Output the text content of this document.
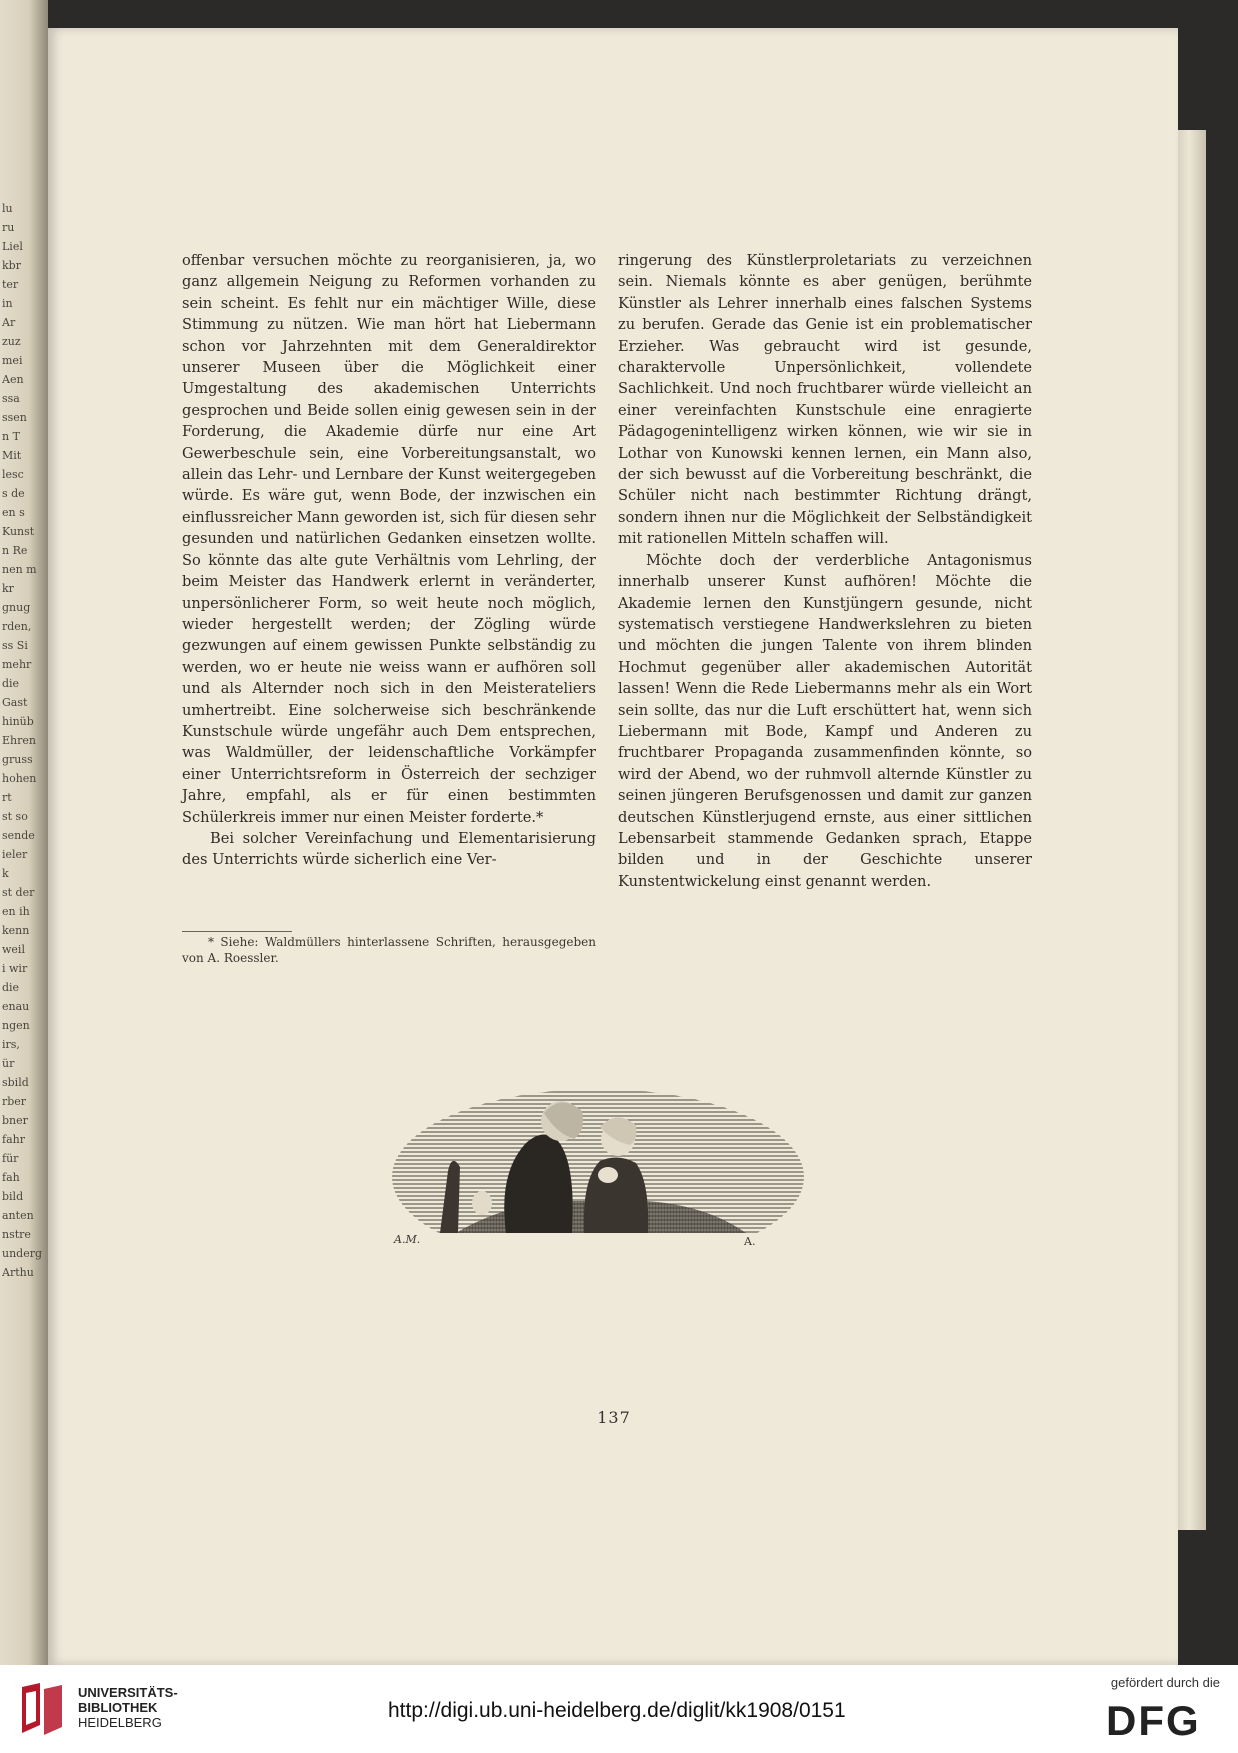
lu
ru
Liel
kbr
ter
in
Ar
zuz
mei
Aen
ssa
ssen
n T
Mit
lesc
s de
en s
Kunst
n Re
nen m
kr
gnug
rden,
ss Si
mehr
die
Gast
hinüb
Ehren
gruss
hohen
rt
st so
sende
ieler
k
st der
en ih
kenn
weil
i wir
die
enau
ngen
irs,
ür
sbild
rber
bner
fahr
für
fah
bild
anten
nstre
underg
Arthu

offenbar versuchen möchte zu reorganisieren, ja, wo ganz allgemein Neigung zu Reformen vorhanden zu sein scheint. Es fehlt nur ein mächtiger Wille, diese Stimmung zu nützen. Wie man hört hat Liebermann schon vor Jahrzehnten mit dem Generaldirektor unserer Museen über die Möglichkeit einer Umgestaltung des akademischen Unterrichts gesprochen und Beide sollen einig gewesen sein in der Forderung, die Akademie dürfe nur eine Art Gewerbeschule sein, eine Vorbereitungsanstalt, wo allein das Lehr- und Lernbare der Kunst weitergegeben würde. Es wäre gut, wenn Bode, der inzwischen ein einflussreicher Mann geworden ist, sich für diesen sehr gesunden und natürlichen Gedanken einsetzen wollte. So könnte das alte gute Verhältnis vom Lehrling, der beim Meister das Handwerk erlernt in veränderter, unpersönlicherer Form, so weit heute noch möglich, wieder hergestellt werden; der Zögling würde gezwungen auf einem gewissen Punkte selbständig zu werden, wo er heute nie weiss wann er aufhören soll und als Alternder noch sich in den Meisterateliers umhertreibt. Eine solcherweise sich beschränkende Kunstschule würde ungefähr auch Dem entsprechen, was Waldmüller, der leidenschaftliche Vorkämpfer einer Unterrichtsreform in Österreich der sechziger Jahre, empfahl, als er für einen bestimmten Schülerkreis immer nur einen Meister forderte.*

Bei solcher Vereinfachung und Elementarisierung des Unterrichts würde sicherlich eine Ver-

ringerung des Künstlerproletariats zu verzeichnen sein. Niemals könnte es aber genügen, berühmte Künstler als Lehrer innerhalb eines falschen Systems zu berufen. Gerade das Genie ist ein problematischer Erzieher. Was gebraucht wird ist gesunde, charaktervolle Unpersönlichkeit, vollendete Sachlichkeit. Und noch fruchtbarer würde vielleicht an einer vereinfachten Kunstschule eine enragierte Pädagogenintelligenz wirken können, wie wir sie in Lothar von Kunowski kennen lernen, ein Mann also, der sich bewusst auf die Vorbereitung beschränkt, die Schüler nicht nach bestimmter Richtung drängt, sondern ihnen nur die Möglichkeit der Selbständigkeit mit rationellen Mitteln schaffen will.

Möchte doch der verderbliche Antagonismus innerhalb unserer Kunst aufhören! Möchte die Akademie lernen den Kunstjüngern gesunde, nicht systematisch verstiegene Handwerkslehren zu bieten und möchten die jungen Talente von ihrem blinden Hochmut gegenüber aller akademischen Autorität lassen! Wenn die Rede Liebermanns mehr als ein Wort sein sollte, das nur die Luft erschüttert hat, wenn sich Liebermann mit Bode, Kampf und Anderen zu fruchtbarer Propaganda zusammenfinden könnte, so wird der Abend, wo der ruhmvoll alternde Künstler zu seinen jüngeren Berufsgenossen und damit zur ganzen deutschen Künstlerjugend ernste, aus einer sittlichen Lebensarbeit stammende Gedanken sprach, Etappe bilden und in der Geschichte unserer Kunstentwickelung einst genannt werden.

* Siehe: Waldmüllers hinterlassene Schriften, herausgegeben von A. Roessler.
A.M.	A.
137
UNIVERSITÄTS-
BIBLIOTHEK
HEIDELBERG
http://digi.ub.uni-heidelberg.de/diglit/kk1908/0151
gefördert durch die
DFG
